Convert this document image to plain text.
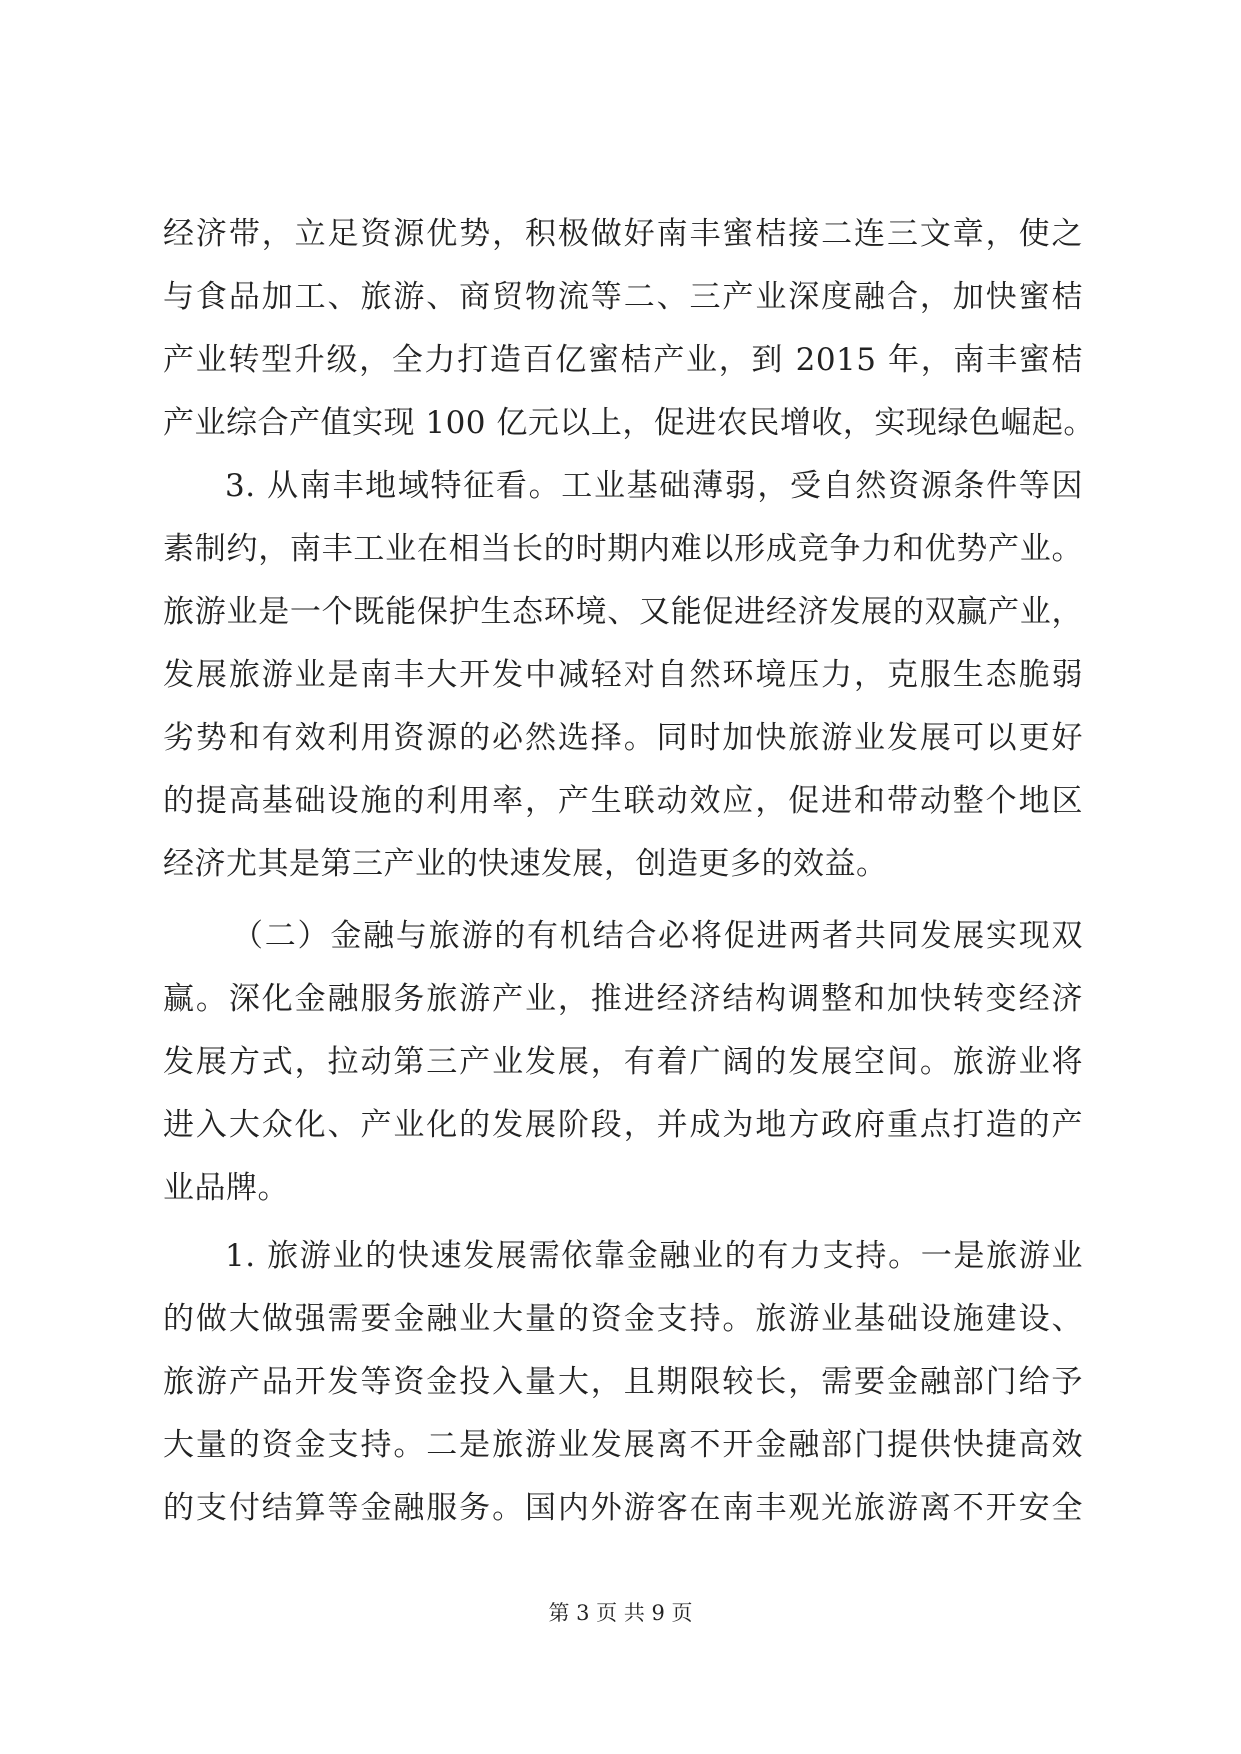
经济带，立足资源优势，积极做好南丰蜜桔接二连三文章，使之
与食品加工、旅游、商贸物流等二、三产业深度融合，加快蜜桔
产业转型升级，全力打造百亿蜜桔产业，到 2015 年，南丰蜜桔
产业综合产值实现 100 亿元以上，促进农民增收，实现绿色崛起。
3. 从南丰地域特征看。工业基础薄弱，受自然资源条件等因
素制约，南丰工业在相当长的时期内难以形成竞争力和优势产业。
旅游业是一个既能保护生态环境、又能促进经济发展的双赢产业，
发展旅游业是南丰大开发中减轻对自然环境压力，克服生态脆弱
劣势和有效利用资源的必然选择。同时加快旅游业发展可以更好
的提高基础设施的利用率，产生联动效应，促进和带动整个地区
经济尤其是第三产业的快速发展，创造更多的效益。
（二）金融与旅游的有机结合必将促进两者共同发展实现双
赢。深化金融服务旅游产业，推进经济结构调整和加快转变经济
发展方式，拉动第三产业发展，有着广阔的发展空间。旅游业将
进入大众化、产业化的发展阶段，并成为地方政府重点打造的产
业品牌。
1. 旅游业的快速发展需依靠金融业的有力支持。一是旅游业
的做大做强需要金融业大量的资金支持。旅游业基础设施建设、
旅游产品开发等资金投入量大，且期限较长，需要金融部门给予
大量的资金支持。二是旅游业发展离不开金融部门提供快捷高效
的支付结算等金融服务。国内外游客在南丰观光旅游离不开安全
第 3 页 共 9 页
